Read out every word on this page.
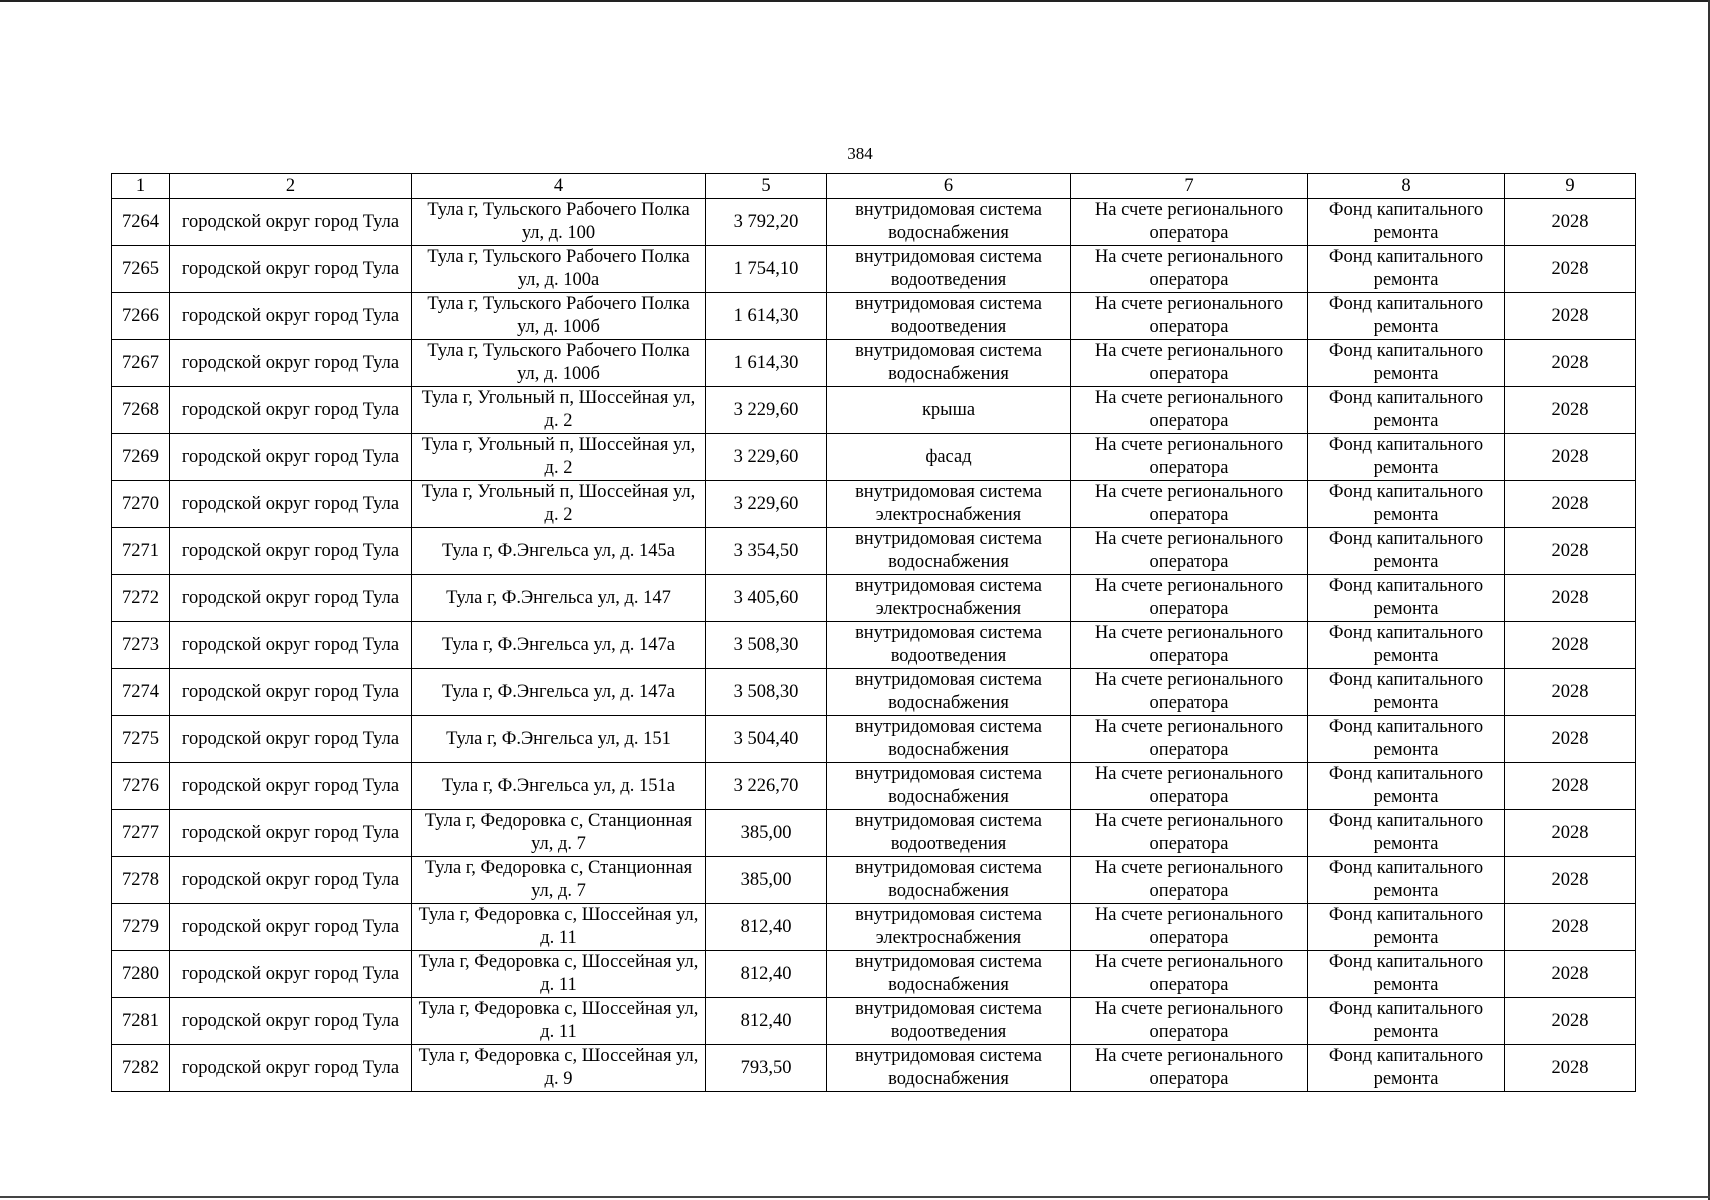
384
1	2	4	5	6	7	8	9
7264	городской округ город Тула	Тула г, Тульского Рабочего Полка ул, д. 100	3 792,20	внутридомовая система водоснабжения	На счете регионального оператора	Фонд капитального ремонта	2028
7265	городской округ город Тула	Тула г, Тульского Рабочего Полка ул, д. 100а	1 754,10	внутридомовая система водоотведения	На счете регионального оператора	Фонд капитального ремонта	2028
7266	городской округ город Тула	Тула г, Тульского Рабочего Полка ул, д. 100б	1 614,30	внутридомовая система водоотведения	На счете регионального оператора	Фонд капитального ремонта	2028
7267	городской округ город Тула	Тула г, Тульского Рабочего Полка ул, д. 100б	1 614,30	внутридомовая система водоснабжения	На счете регионального оператора	Фонд капитального ремонта	2028
7268	городской округ город Тула	Тула г, Угольный п, Шоссейная ул, д. 2	3 229,60	крыша	На счете регионального оператора	Фонд капитального ремонта	2028
7269	городской округ город Тула	Тула г, Угольный п, Шоссейная ул, д. 2	3 229,60	фасад	На счете регионального оператора	Фонд капитального ремонта	2028
7270	городской округ город Тула	Тула г, Угольный п, Шоссейная ул, д. 2	3 229,60	внутридомовая система электроснабжения	На счете регионального оператора	Фонд капитального ремонта	2028
7271	городской округ город Тула	Тула г, Ф.Энгельса ул, д. 145а	3 354,50	внутридомовая система водоснабжения	На счете регионального оператора	Фонд капитального ремонта	2028
7272	городской округ город Тула	Тула г, Ф.Энгельса ул, д. 147	3 405,60	внутридомовая система электроснабжения	На счете регионального оператора	Фонд капитального ремонта	2028
7273	городской округ город Тула	Тула г, Ф.Энгельса ул, д. 147а	3 508,30	внутридомовая система водоотведения	На счете регионального оператора	Фонд капитального ремонта	2028
7274	городской округ город Тула	Тула г, Ф.Энгельса ул, д. 147а	3 508,30	внутридомовая система водоснабжения	На счете регионального оператора	Фонд капитального ремонта	2028
7275	городской округ город Тула	Тула г, Ф.Энгельса ул, д. 151	3 504,40	внутридомовая система водоснабжения	На счете регионального оператора	Фонд капитального ремонта	2028
7276	городской округ город Тула	Тула г, Ф.Энгельса ул, д. 151а	3 226,70	внутридомовая система водоснабжения	На счете регионального оператора	Фонд капитального ремонта	2028
7277	городской округ город Тула	Тула г, Федоровка с, Станционная ул, д. 7	385,00	внутридомовая система водоотведения	На счете регионального оператора	Фонд капитального ремонта	2028
7278	городской округ город Тула	Тула г, Федоровка с, Станционная ул, д. 7	385,00	внутридомовая система водоснабжения	На счете регионального оператора	Фонд капитального ремонта	2028
7279	городской округ город Тула	Тула г, Федоровка с, Шоссейная ул, д. 11	812,40	внутридомовая система электроснабжения	На счете регионального оператора	Фонд капитального ремонта	2028
7280	городской округ город Тула	Тула г, Федоровка с, Шоссейная ул, д. 11	812,40	внутридомовая система водоснабжения	На счете регионального оператора	Фонд капитального ремонта	2028
7281	городской округ город Тула	Тула г, Федоровка с, Шоссейная ул, д. 11	812,40	внутридомовая система водоотведения	На счете регионального оператора	Фонд капитального ремонта	2028
7282	городской округ город Тула	Тула г, Федоровка с, Шоссейная ул, д. 9	793,50	внутридомовая система водоснабжения	На счете регионального оператора	Фонд капитального ремонта	2028
